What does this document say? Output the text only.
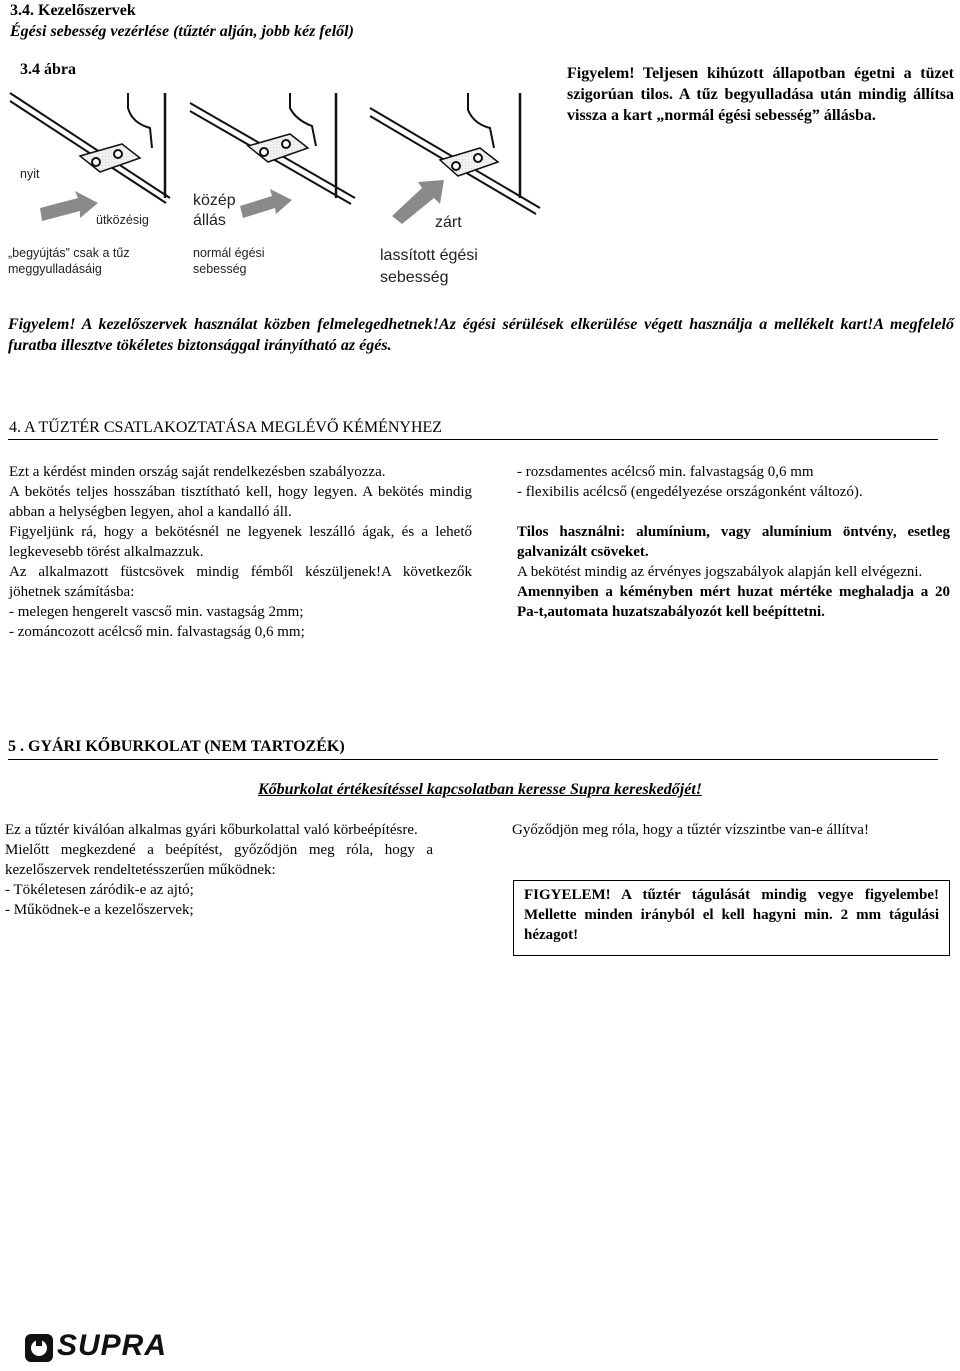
3.4. Kezelőszervek
Égési sebesség vezérlése (tűztér alján, jobb kéz felől)
3.4 ábra
nyit
ütközésig
közép
állás	zárt
„begyújtás” csak a tűz
meggyulladásáig
normál égési
sebesség
lassított égési
sebesség

Figyelem! Teljesen kihúzott állapotban égetni a tüzet szigorúan tilos. A tűz begyulladása után mindig állítsa vissza a kart „normál égési sebesség” állásba.

Figyelem! A kezelőszervek használat közben felmelegedhetnek!Az égési sérülések elkerülése végett használja a mellékelt kart!A megfelelő furatba illesztve tökéletes biztonsággal irányítható az égés.

4. A TŰZTÉR CSATLAKOZTATÁSA MEGLÉVŐ KÉMÉNYHEZ

Ezt a kérdést minden ország saját rendelkezésben szabályozza.

A bekötés teljes hosszában tisztítható kell, hogy legyen. A bekötés mindig abban a helységben legyen, ahol a kandalló áll.

Figyeljünk rá, hogy a bekötésnél ne legyenek leszálló ágak, és a lehető legkevesebb törést alkalmazzuk.

Az alkalmazott füstcsövek mindig fémből készüljenek!A következők jöhetnek számításba:

- melegen hengerelt vascső min. vastagság 2mm;

- zománcozott acélcső min. falvastagság 0,6 mm;

- rozsdamentes acélcső min. falvastagság 0,6 mm

- flexibilis acélcső (engedélyezése országonként változó).

Tilos használni: alumínium, vagy alumínium öntvény, esetleg galvanizált csöveket.

A bekötést mindig az érvényes jogszabályok alapján kell elvégezni.

Amennyiben a kéményben mért huzat mértéke meghaladja a 20 Pa-t,automata huzatszabályozót kell beépíttetni.

5 . GYÁRI KŐBURKOLAT (NEM TARTOZÉK)
Kőburkolat értékesítéssel kapcsolatban keresse Supra kereskedőjét!

Ez a tűztér kiválóan alkalmas gyári kőburkolattal való körbeépítésre.

Mielőtt megkezdené a beépítést, győződjön meg róla, hogy a kezelőszervek rendeltetésszerűen működnek:

- Tökéletesen záródik-e az ajtó;

- Működnek-e a kezelőszervek;

Győződjön meg róla, hogy a tűztér vízszintbe van-e állítva!

FIGYELEM! A tűztér tágulását mindig vegye figyelembe! Mellette minden irányból el kell hagyni min. 2 mm tágulási hézagot!

SUPRA
